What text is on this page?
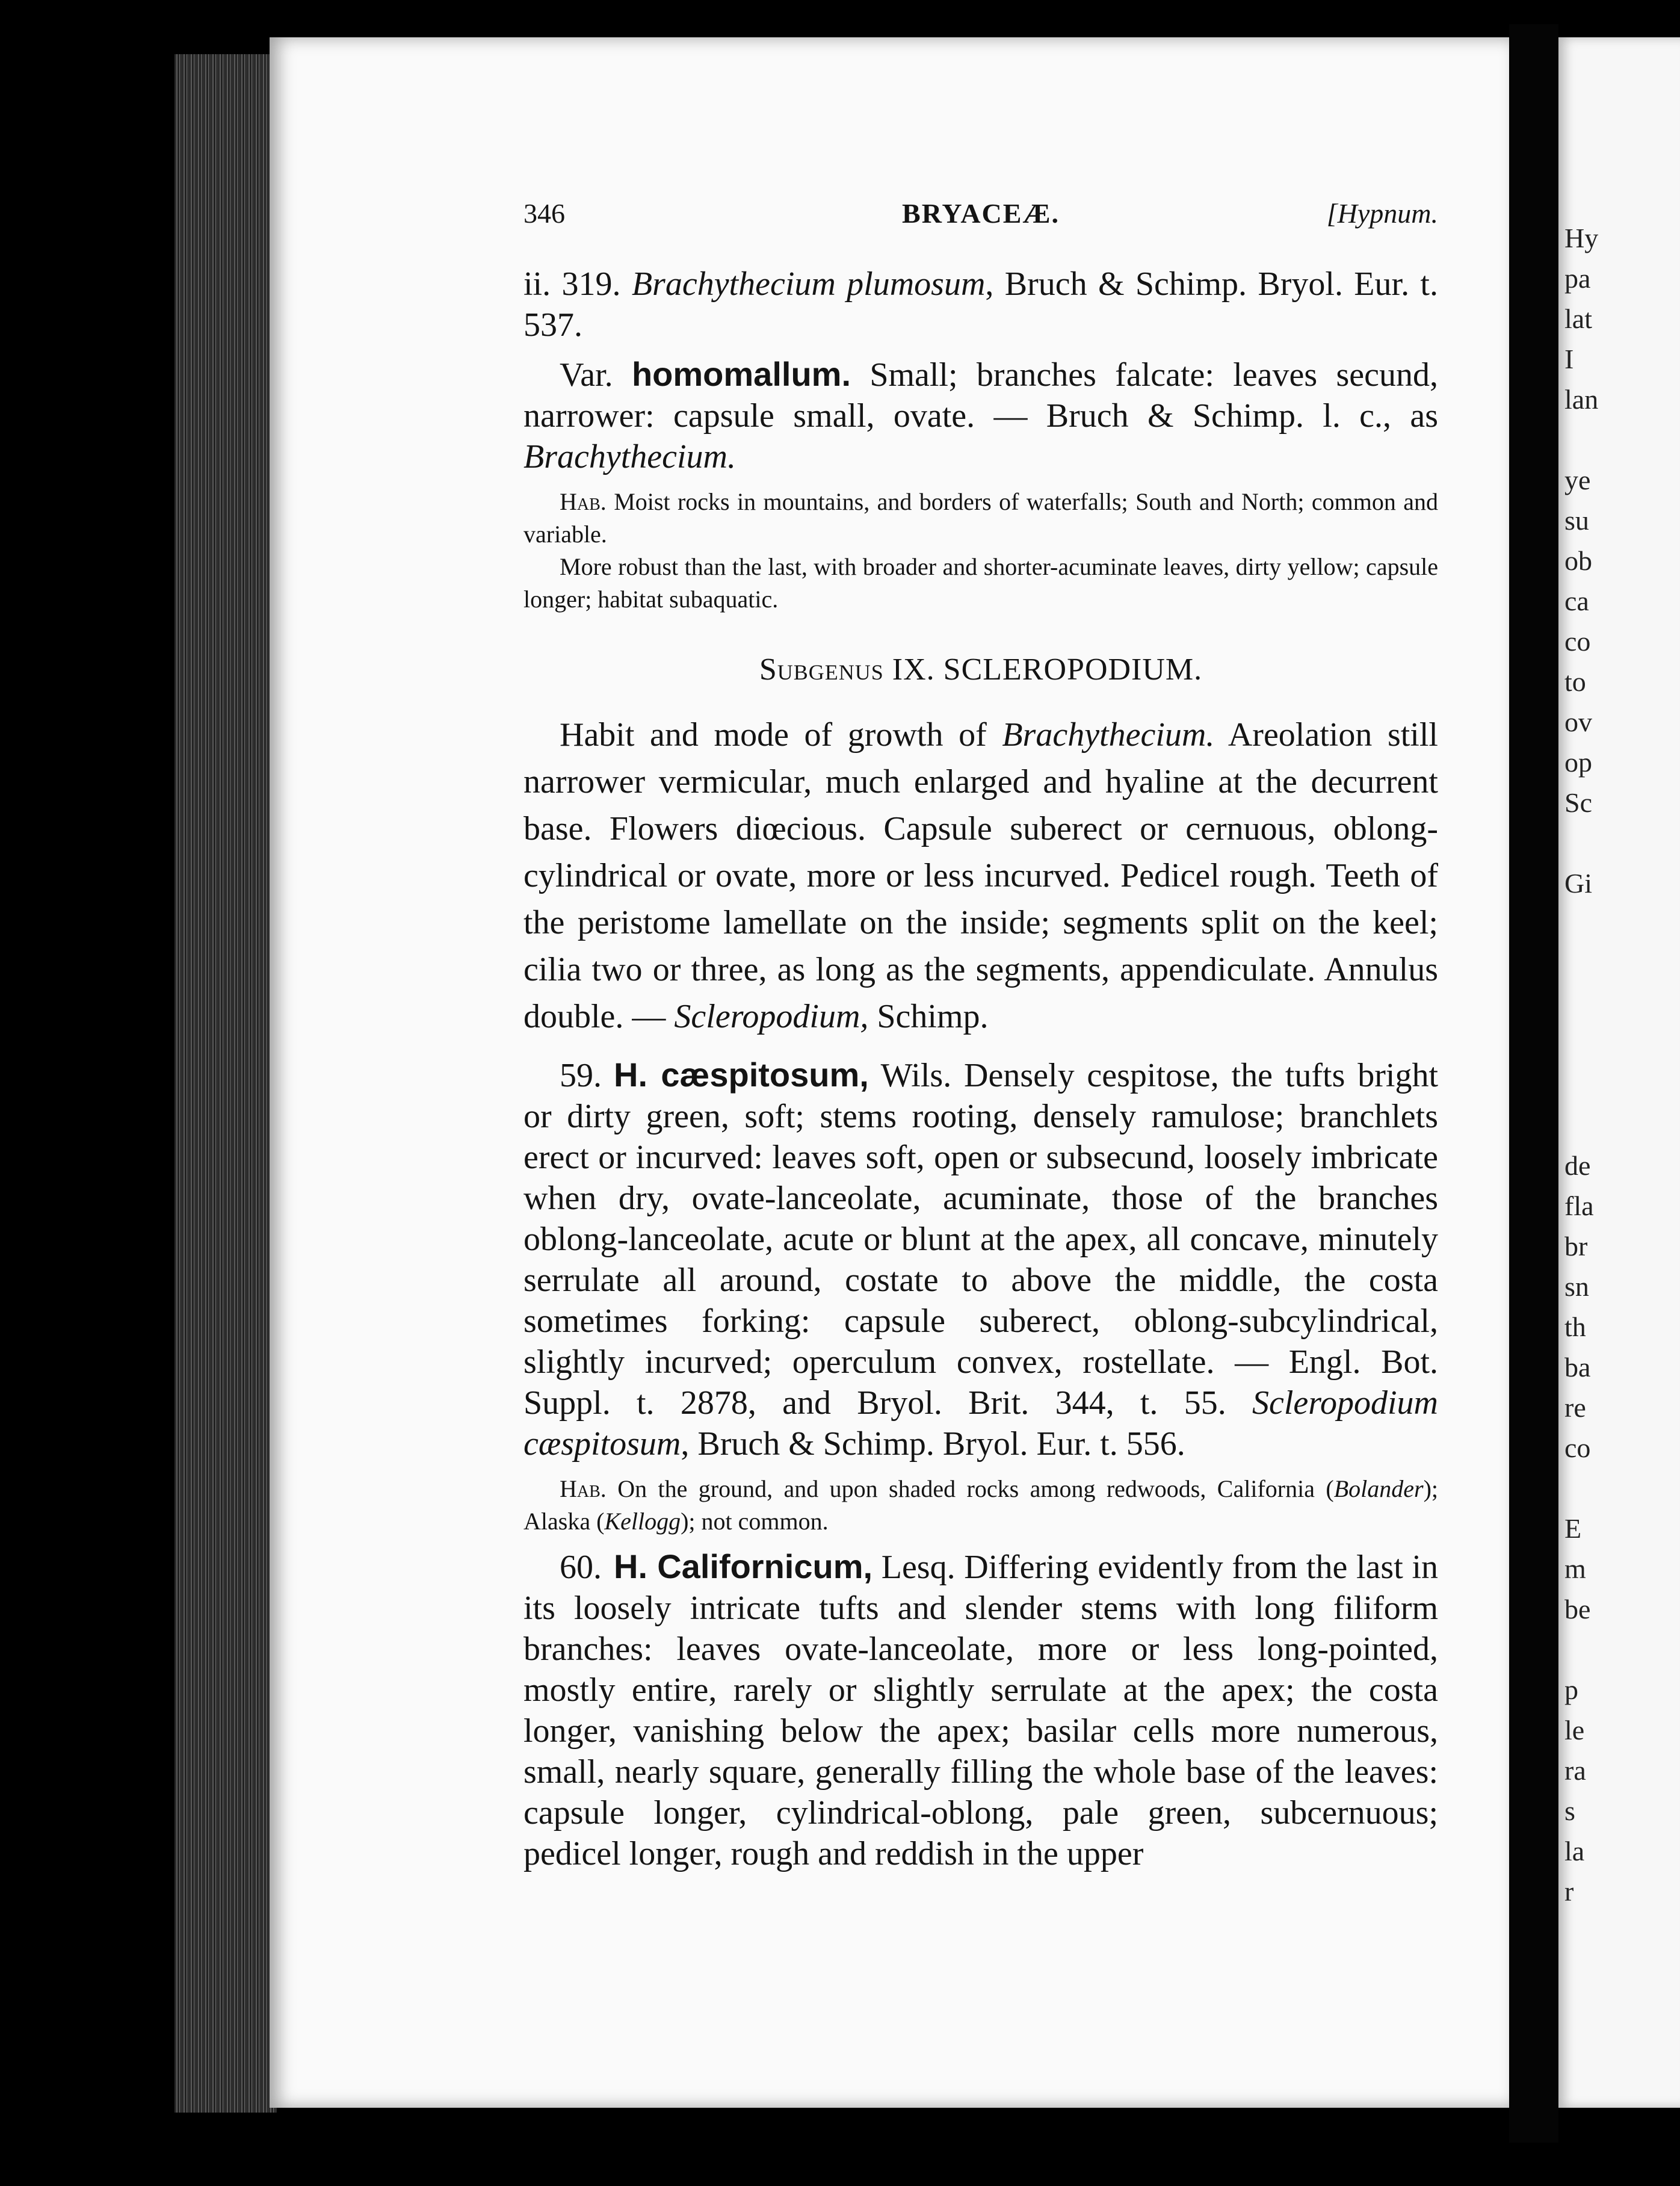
346	BRYACEÆ.	[Hypnum.

ii. 319. Brachythecium plumosum, Bruch & Schimp. Bryol. Eur. t. 537.

Var. homomallum. Small; branches falcate: leaves secund, narrower: capsule small, ovate. — Bruch & Schimp. l. c., as Brachythecium.

Hab. Moist rocks in mountains, and borders of waterfalls; South and North; common and variable.

More robust than the last, with broader and shorter-acuminate leaves, dirty yellow; capsule longer; habitat subaquatic.

Subgenus IX. SCLEROPODIUM.

Habit and mode of growth of Brachythecium. Areolation still narrower vermicular, much enlarged and hyaline at the decurrent base. Flowers diœcious. Capsule suberect or cernuous, oblong-cylindrical or ovate, more or less incurved. Pedicel rough. Teeth of the peristome lamellate on the inside; segments split on the keel; cilia two or three, as long as the segments, appendiculate. Annulus double. — Scleropodium, Schimp.

59. H. cæspitosum, Wils. Densely cespitose, the tufts bright or dirty green, soft; stems rooting, densely ramulose; branchlets erect or incurved: leaves soft, open or subsecund, loosely imbricate when dry, ovate-lanceolate, acuminate, those of the branches oblong-lanceolate, acute or blunt at the apex, all concave, minutely serrulate all around, costate to above the middle, the costa sometimes forking: capsule suberect, oblong-subcylindrical, slightly incurved; operculum convex, rostellate. — Engl. Bot. Suppl. t. 2878, and Bryol. Brit. 344, t. 55. Scleropodium cæspitosum, Bruch & Schimp. Bryol. Eur. t. 556.

Hab. On the ground, and upon shaded rocks among redwoods, California (Bolander); Alaska (Kellogg); not common.

60. H. Californicum, Lesq. Differing evidently from the last in its loosely intricate tufts and slender stems with long filiform branches: leaves ovate-lanceolate, more or less long-pointed, mostly entire, rarely or slightly serrulate at the apex; the costa longer, vanishing below the apex; basilar cells more numerous, small, nearly square, generally filling the whole base of the leaves: capsule longer, cylindrical-oblong, pale green, subcernuous; pedicel longer, rough and reddish in the upper

Hy
pa
lat
I
lan

ye
su
ob
ca
co
to
ov
op
Sc

Gi

de
fla
br
sn
th
ba
re
co

E
m
be

p
le
ra
s
la
r
